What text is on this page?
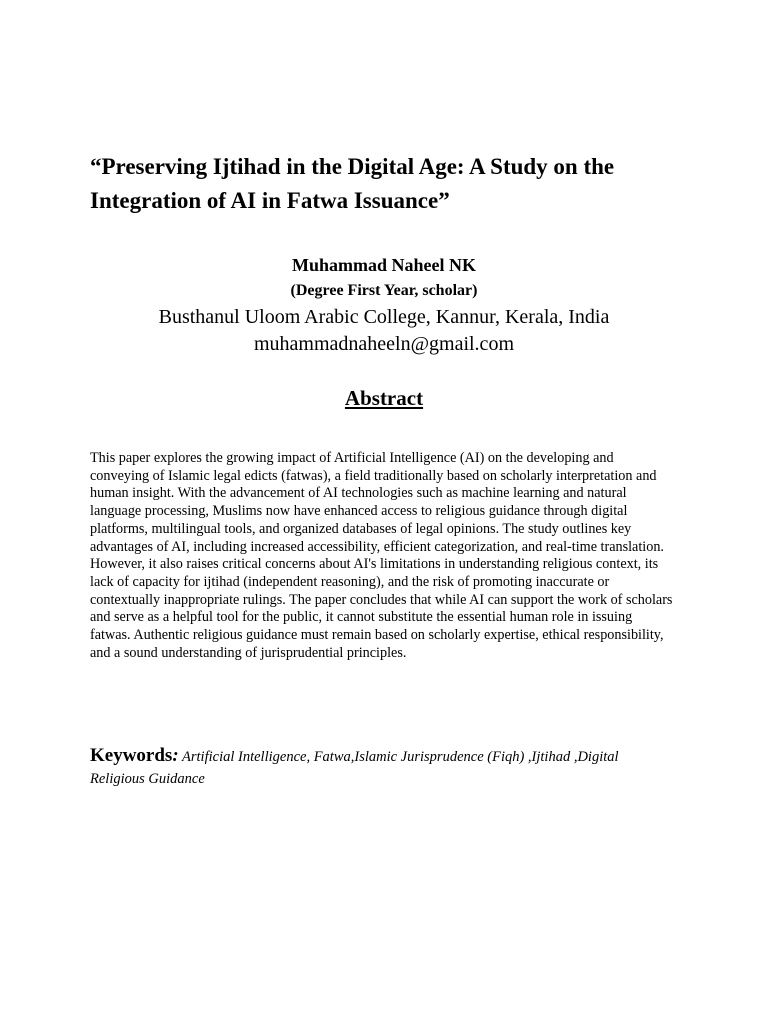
“Preserving Ijtihad in the Digital Age: A Study on the Integration of AI in Fatwa Issuance”
Muhammad Naheel NK
(Degree First Year, scholar)
Busthanul Uloom Arabic College, Kannur, Kerala, India
muhammadnaheeln@gmail.com
Abstract

This paper explores the growing impact of Artificial Intelligence (AI) on the developing and conveying of Islamic legal edicts (fatwas), a field traditionally based on scholarly interpretation and human insight. With the advancement of AI technologies such as machine learning and natural language processing, Muslims now have enhanced access to religious guidance through digital platforms, multilingual tools, and organized databases of legal opinions. The study outlines key advantages of AI, including increased accessibility, efficient categorization, and real-time translation. However, it also raises critical concerns about AI's limitations in understanding religious context, its lack of capacity for ijtihad (independent reasoning), and the risk of promoting inaccurate or contextually inappropriate rulings. The paper concludes that while AI can support the work of scholars and serve as a helpful tool for the public, it cannot substitute the essential human role in issuing fatwas. Authentic religious guidance must remain based on scholarly expertise, ethical responsibility, and a sound understanding of jurisprudential principles.

Keywords: Artificial Intelligence, Fatwa,Islamic Jurisprudence (Fiqh) ,Ijtihad ,Digital Religious Guidance
